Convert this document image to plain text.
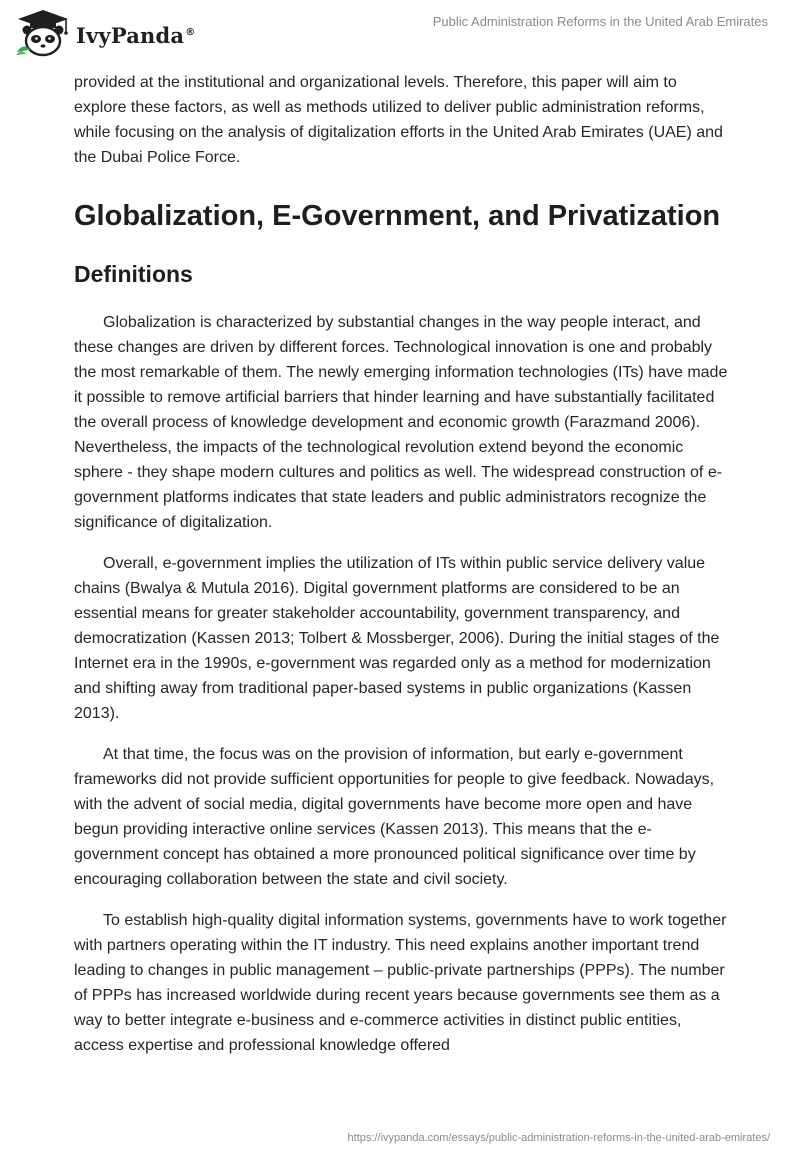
IvyPanda®
Public Administration Reforms in the United Arab Emirates

provided at the institutional and organizational levels. Therefore, this paper will aim to explore these factors, as well as methods utilized to deliver public administration reforms, while focusing on the analysis of digitalization efforts in the United Arab Emirates (UAE) and the Dubai Police Force.

Globalization, E-Government, and Privatization
Definitions

Globalization is characterized by substantial changes in the way people interact, and these changes are driven by different forces. Technological innovation is one and probably the most remarkable of them. The newly emerging information technologies (ITs) have made it possible to remove artificial barriers that hinder learning and have substantially facilitated the overall process of knowledge development and economic growth (Farazmand 2006). Nevertheless, the impacts of the technological revolution extend beyond the economic sphere - they shape modern cultures and politics as well. The widespread construction of e-government platforms indicates that state leaders and public administrators recognize the significance of digitalization.

Overall, e-government implies the utilization of ITs within public service delivery value chains (Bwalya & Mutula 2016). Digital government platforms are considered to be an essential means for greater stakeholder accountability, government transparency, and democratization (Kassen 2013; Tolbert & Mossberger, 2006). During the initial stages of the Internet era in the 1990s, e-government was regarded only as a method for modernization and shifting away from traditional paper-based systems in public organizations (Kassen 2013).

At that time, the focus was on the provision of information, but early e-government frameworks did not provide sufficient opportunities for people to give feedback. Nowadays, with the advent of social media, digital governments have become more open and have begun providing interactive online services (Kassen 2013). This means that the e-government concept has obtained a more pronounced political significance over time by encouraging collaboration between the state and civil society.

To establish high-quality digital information systems, governments have to work together with partners operating within the IT industry. This need explains another important trend leading to changes in public management – public-private partnerships (PPPs). The number of PPPs has increased worldwide during recent years because governments see them as a way to better integrate e-business and e-commerce activities in distinct public entities, access expertise and professional knowledge offered

https://ivypanda.com/essays/public-administration-reforms-in-the-united-arab-emirates/
